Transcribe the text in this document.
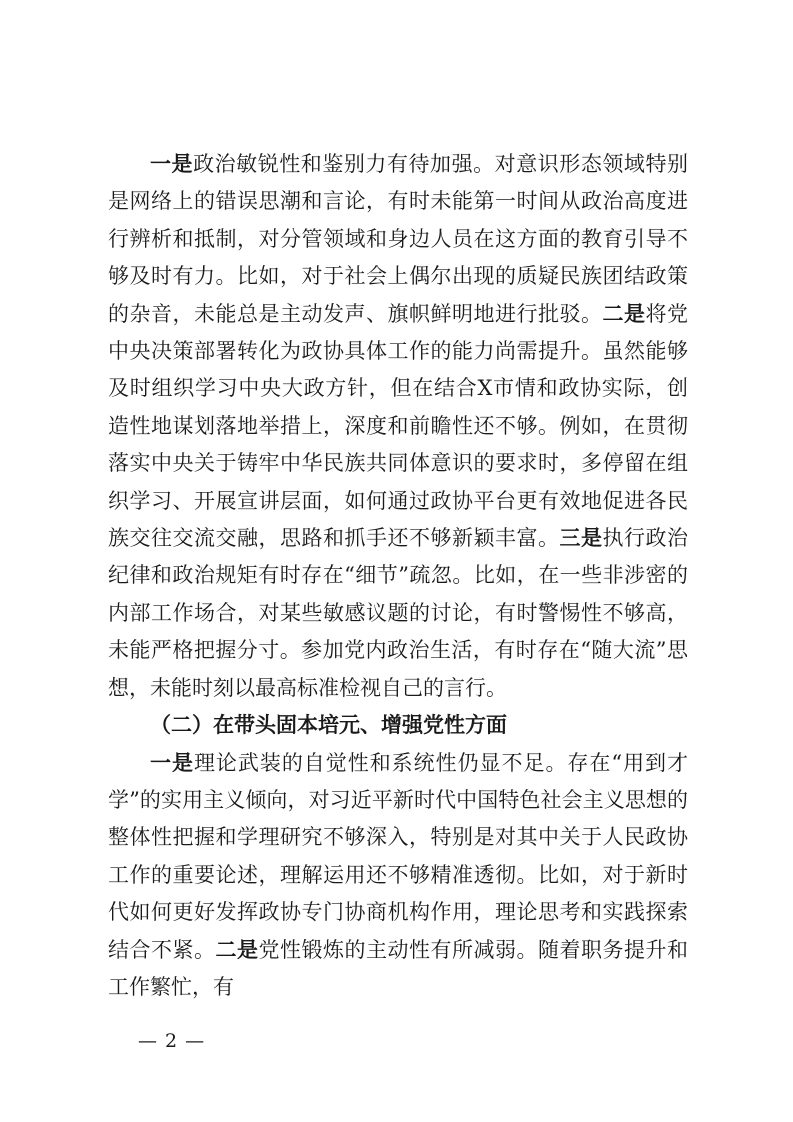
一是政治敏锐性和鉴别力有待加强。对意识形态领域特别是网络上的错误思潮和言论，有时未能第一时间从政治高度进行辨析和抵制，对分管领域和身边人员在这方面的教育引导不够及时有力。比如，对于社会上偶尔出现的质疑民族团结政策的杂音，未能总是主动发声、旗帜鲜明地进行批驳。二是将党中央决策部署转化为政协具体工作的能力尚需提升。虽然能够及时组织学习中央大政方针，但在结合X市情和政协实际，创造性地谋划落地举措上，深度和前瞻性还不够。例如，在贯彻落实中央关于铸牢中华民族共同体意识的要求时，多停留在组织学习、开展宣讲层面，如何通过政协平台更有效地促进各民族交往交流交融，思路和抓手还不够新颖丰富。三是执行政治纪律和政治规矩有时存在“细节”疏忽。比如，在一些非涉密的内部工作场合，对某些敏感议题的讨论，有时警惕性不够高，未能严格把握分寸。参加党内政治生活，有时存在“随大流”思想，未能时刻以最高标准检视自己的言行。

（二）在带头固本培元、增强党性方面

一是理论武装的自觉性和系统性仍显不足。存在“用到才学”的实用主义倾向，对习近平新时代中国特色社会主义思想的整体性把握和学理研究不够深入，特别是对其中关于人民政协工作的重要论述，理解运用还不够精准透彻。比如，对于新时代如何更好发挥政协专门协商机构作用，理论思考和实践探索结合不紧。二是党性锻炼的主动性有所减弱。随着职务提升和工作繁忙，有

— 2 —
